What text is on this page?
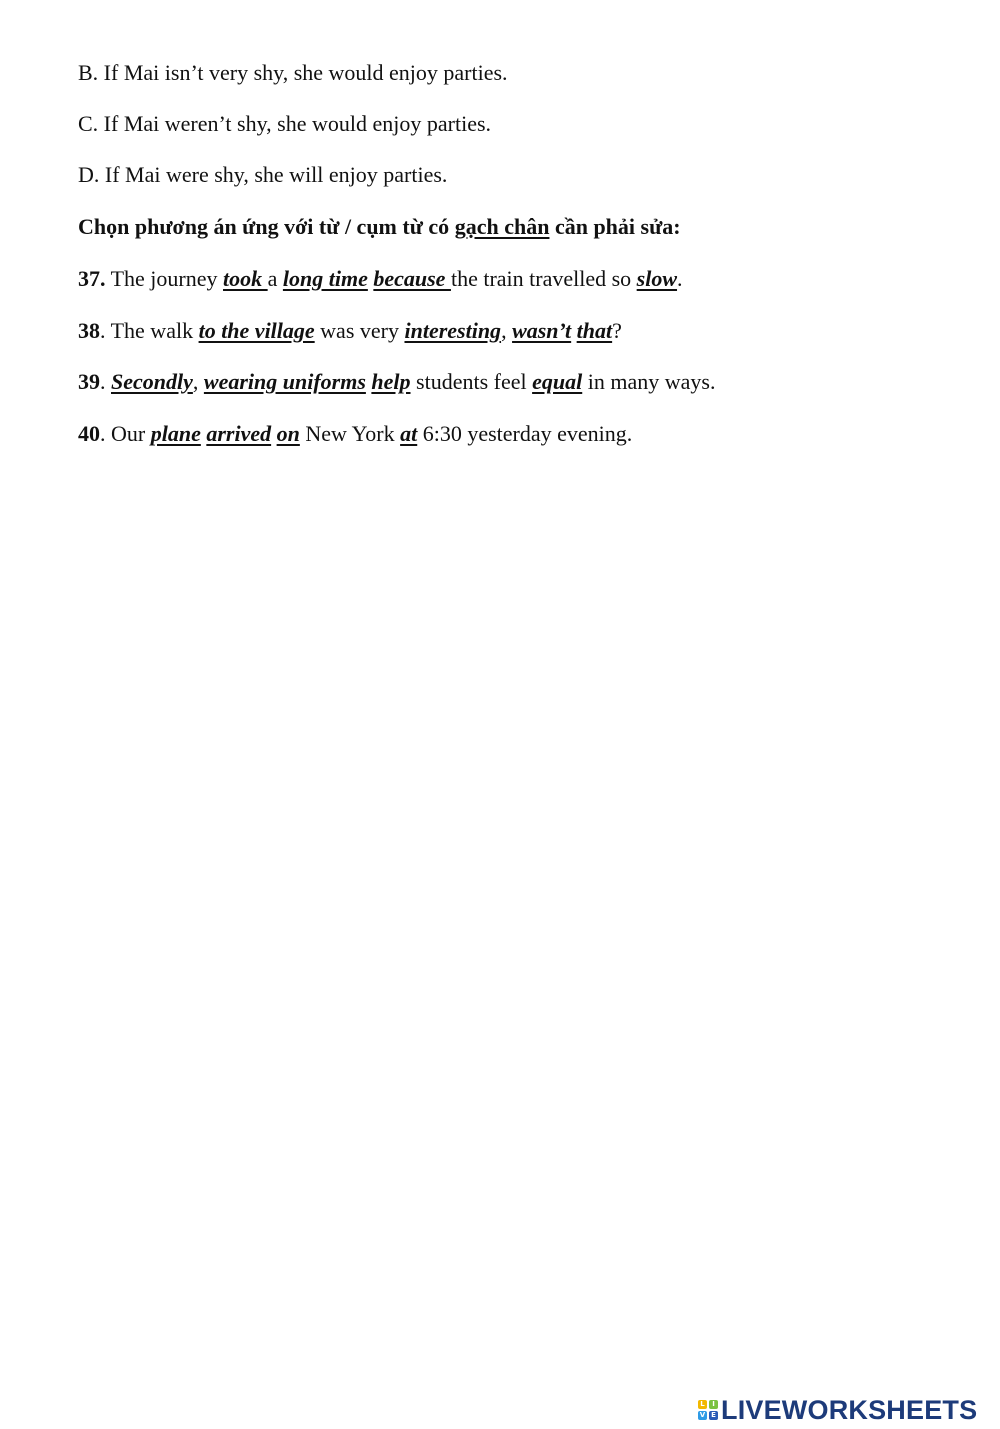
B. If Mai isn’t very shy, she would enjoy parties.
C. If Mai weren’t shy, she would enjoy parties.
D. If Mai were shy, she will enjoy parties.
Chọn phương án ứng với từ / cụm từ có gạch chân cần phải sửa:
37. The journey took a long time because the train travelled so slow.
38. The walk to the village was very interesting, wasn’t that?
39. Secondly, wearing uniforms help students feel equal in many ways.
40. Our plane arrived on New York at 6:30 yesterday evening.
L	I
V E LIVEWORKSHEETS
